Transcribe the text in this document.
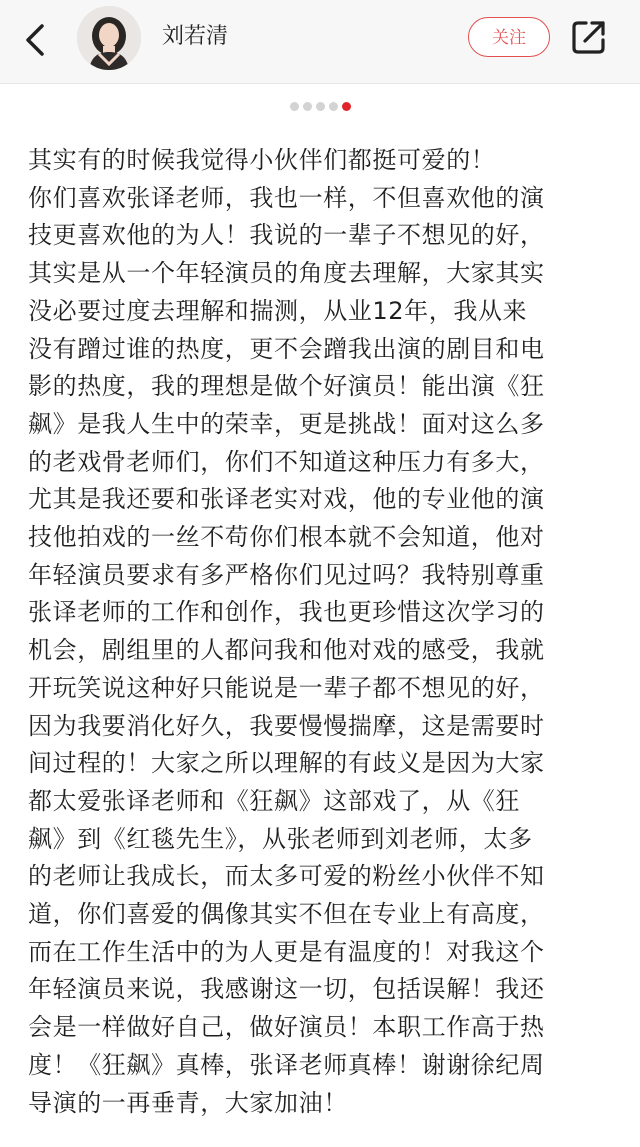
刘若清	关注

其实有的时候我觉得小伙伴们都挺可爱的！

你们喜欢张译老师，我也一样，不但喜欢他的演

技更喜欢他的为人！我说的一辈子不想见的好，

其实是从一个年轻演员的角度去理解，大家其实

没必要过度去理解和揣测，从业12年，我从来

没有蹭过谁的热度，更不会蹭我出演的剧目和电

影的热度，我的理想是做个好演员！能出演《狂

飙》是我人生中的荣幸，更是挑战！面对这么多

的老戏骨老师们，你们不知道这种压力有多大，

尤其是我还要和张译老实对戏，他的专业他的演

技他拍戏的一丝不苟你们根本就不会知道，他对

年轻演员要求有多严格你们见过吗？我特别尊重

张译老师的工作和创作，我也更珍惜这次学习的

机会，剧组里的人都问我和他对戏的感受，我就

开玩笑说这种好只能说是一辈子都不想见的好，

因为我要消化好久，我要慢慢揣摩，这是需要时

间过程的！大家之所以理解的有歧义是因为大家

都太爱张译老师和《狂飙》这部戏了，从《狂

飙》到《红毯先生》，从张老师到刘老师，太多

的老师让我成长，而太多可爱的粉丝小伙伴不知

道，你们喜爱的偶像其实不但在专业上有高度，

而在工作生活中的为人更是有温度的！对我这个

年轻演员来说，我感谢这一切，包括误解！我还

会是一样做好自己，做好演员！本职工作高于热

度！《狂飙》真棒，张译老师真棒！谢谢徐纪周

导演的一再垂青，大家加油！
